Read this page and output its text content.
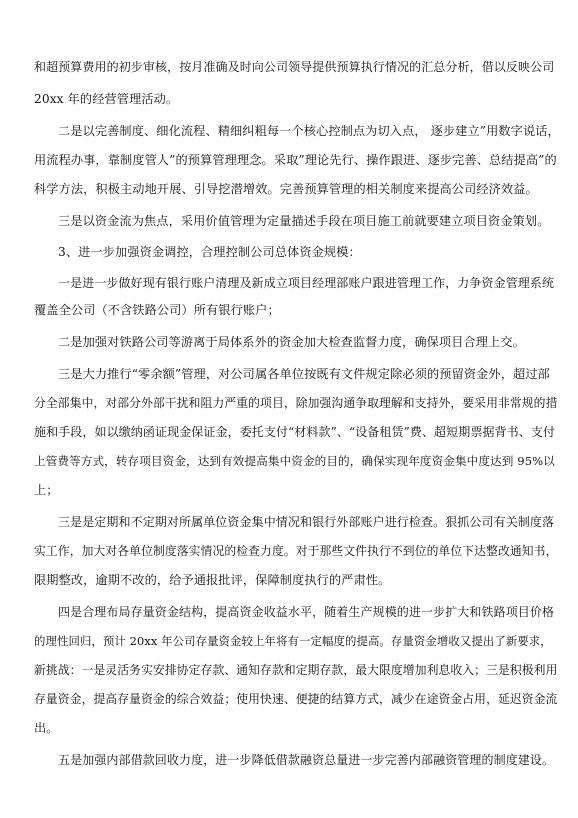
和超预算费用的初步审核，按月准确及时向公司领导提供预算执行情况的汇总分析，借以反映公司
20xx 年的经营管理活动。
二是以完善制度、细化流程、精细纠粗每一个核心控制点为切入点， 逐步建立”用数字说话，
用流程办事，靠制度管人”的预算管理理念。采取”理论先行、操作跟进、逐步完善、总结提高”的
科学方法，积极主动地开展、引导挖潜增效。完善预算管理的相关制度来提高公司经济效益。
三是以资金流为焦点，采用价值管理为定量描述手段在项目施工前就要建立项目资金策划。
3、进一步加强资金调控，合理控制公司总体资金规模：
一是进一步做好现有银行账户清理及新成立项目经理部账户跟进管理工作，力争资金管理系统
覆盖全公司（不含铁路公司）所有银行账户；
二是加强对铁路公司等游离于局体系外的资金加大检查监督力度，确保项目合理上交。
三是大力推行“零余额”管理，对公司属各单位按既有文件规定除必须的预留资金外，超过部
分全部集中，对部分外部干扰和阻力严重的项目，除加强沟通争取理解和支持外，要采用非常规的措
施和手段，如以缴纳函证现金保证金，委托支付“材料款”、“设备租赁”费、超短期票据背书、支付
上管费等方式，转存项目资金，达到有效提高集中资金的目的，确保实现年度资金集中度达到 95%以
上；
三是是定期和不定期对所属单位资金集中情况和银行外部账户进行检查。狠抓公司有关制度落
实工作，加大对各单位制度落实情况的检查力度。对于那些文件执行不到位的单位下达整改通知书，
限期整改，逾期不改的，给予通报批评，保障制度执行的严肃性。
四是合理布局存量资金结构，提高资金收益水平，随着生产规模的进一步扩大和铁路项目价格
的理性回归，预计 20xx 年公司存量资金较上年将有一定幅度的提高。存量资金增收又提出了新要求，
新挑战：一是灵活务实安排协定存款、通知存款和定期存款，最大限度增加利息收入；三是积极利用
存量资金，提高存量资金的综合效益；使用快速、便捷的结算方式，减少在途资金占用，延迟资金流
出。
五是加强内部借款回收力度，进一步降低借款融资总量进一步完善内部融资管理的制度建设。
